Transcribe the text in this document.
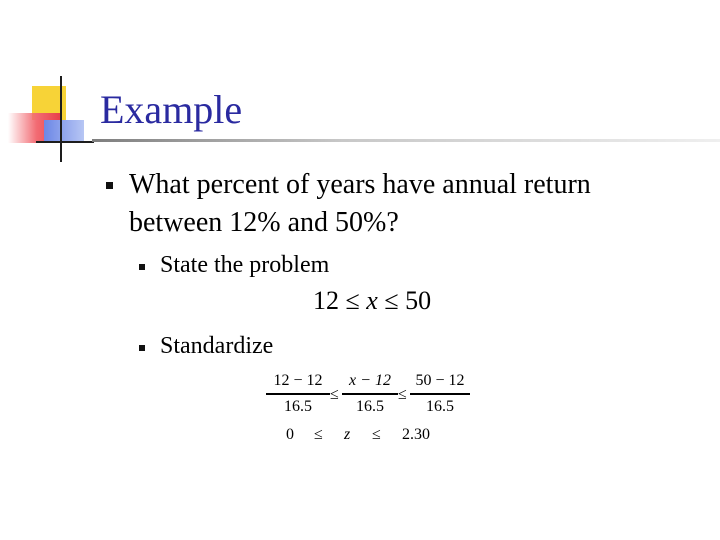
Example
What percent of years have annual return between 12% and 50%?
State the problem
12 ≤ x ≤ 50
Standardize
12 − 12
16.5
≤
x − 12
16.5
≤
50 − 12
16.5
0 ≤ z ≤ 2.30
